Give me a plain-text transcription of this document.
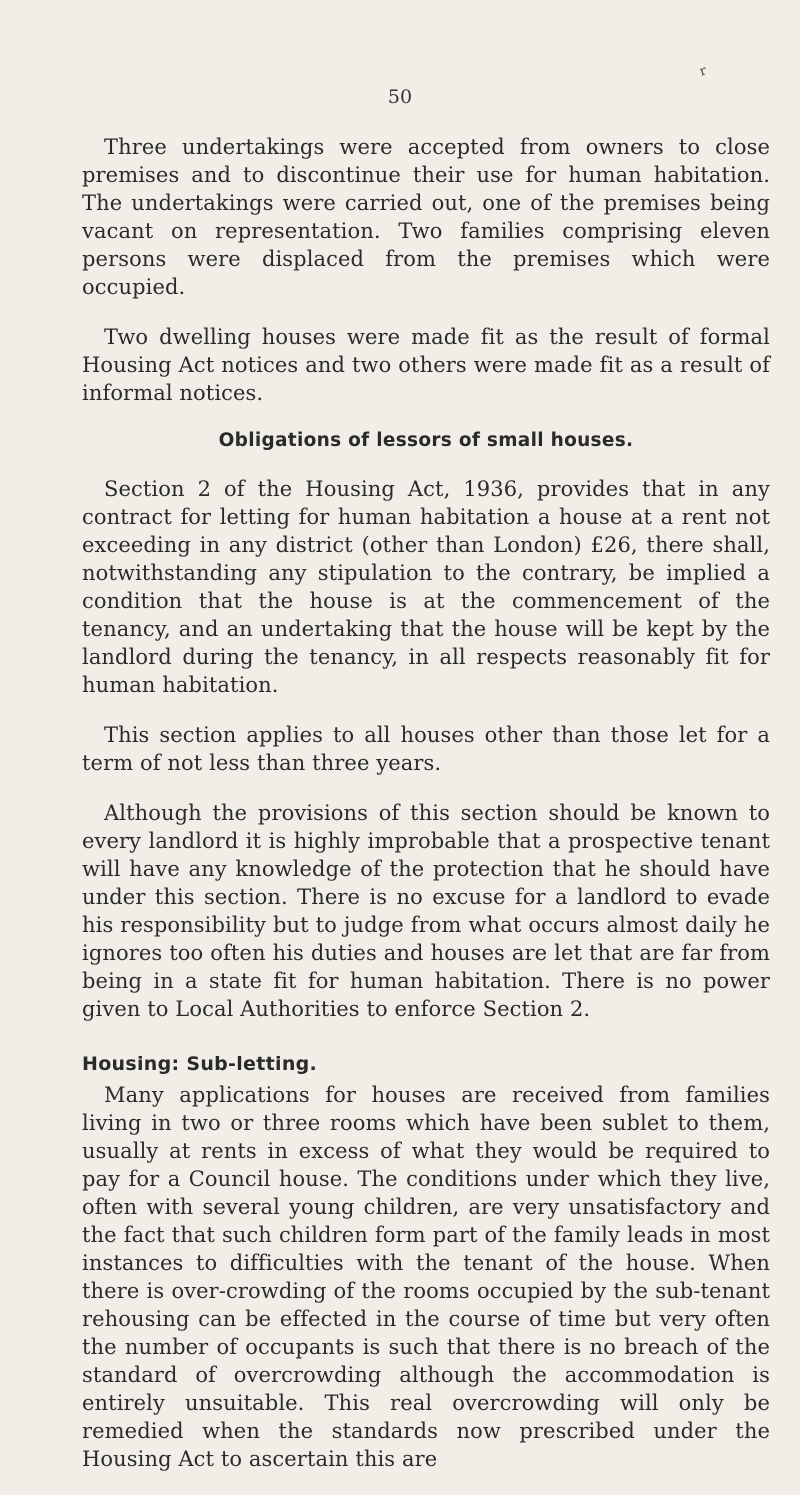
r
50

Three undertakings were accepted from owners to close premises and to discontinue their use for human habitation. The undertakings were carried out, one of the premises being vacant on representation. Two families comprising eleven persons were displaced from the premises which were occupied.

Two dwelling houses were made fit as the result of formal Housing Act notices and two others were made fit as a result of informal notices.

Obligations of lessors of small houses.

Section 2 of the Housing Act, 1936, provides that in any contract for letting for human habitation a house at a rent not exceeding in any district (other than London) £26, there shall, notwithstanding any stipulation to the contrary, be implied a condition that the house is at the commencement of the tenancy, and an undertaking that the house will be kept by the landlord during the tenancy, in all respects reasonably fit for human habitation.

This section applies to all houses other than those let for a term of not less than three years.

Although the provisions of this section should be known to every landlord it is highly improbable that a prospective tenant will have any knowledge of the protection that he should have under this section. There is no excuse for a landlord to evade his responsibility but to judge from what occurs almost daily he ignores too often his duties and houses are let that are far from being in a state fit for human habitation. There is no power given to Local Authorities to enforce Section 2.

Housing: Sub-letting.

Many applications for houses are received from families living in two or three rooms which have been sublet to them, usually at rents in excess of what they would be required to pay for a Council house. The conditions under which they live, often with several young children, are very unsatisfactory and the fact that such children form part of the family leads in most instances to difficulties with the tenant of the house. When there is over-crowding of the rooms occupied by the sub-tenant rehousing can be effected in the course of time but very often the number of occupants is such that there is no breach of the standard of overcrowding although the accommodation is entirely unsuitable. This real overcrowding will only be remedied when the standards now prescribed under the Housing Act to ascertain this are
